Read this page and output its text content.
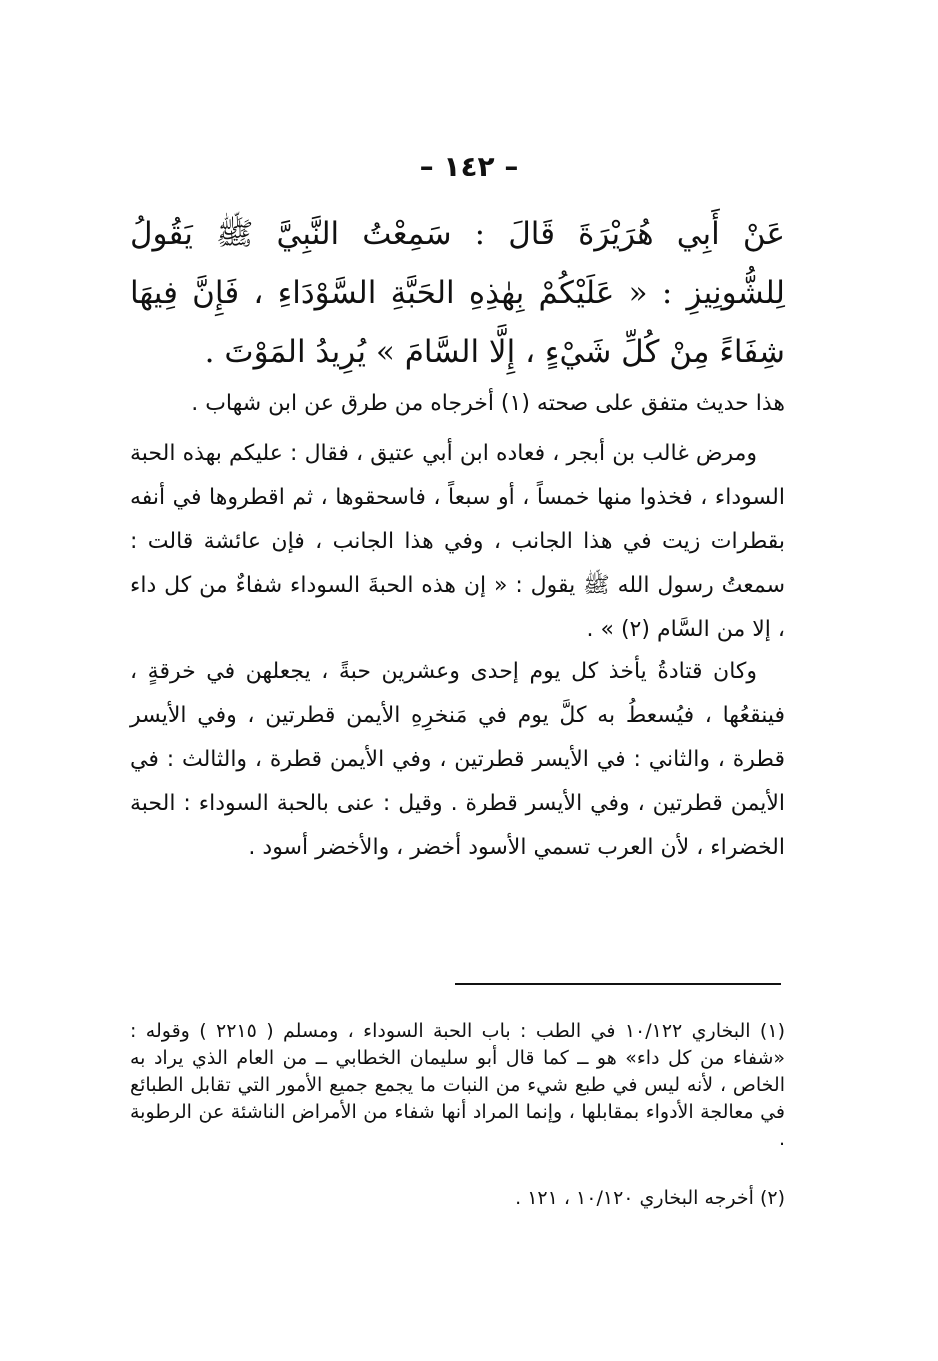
– ١٤٢ –
عَنْ أَبِي هُرَيْرَةَ قَالَ : سَمِعْتُ النَّبِيَّ ﷺ يَقُولُ لِلشُّونِيزِ : « عَلَيْكُمْ بِهٰذِهِ الحَبَّةِ السَّوْدَاءِ ، فَإِنَّ فِيهَا شِفَاءً مِنْ كُلِّ شَيْءٍ ، إِلَّا السَّامَ » يُرِيدُ المَوْتَ .
هذا حديث متفق على صحته (١) أخرجاه من طرق عن ابن شهاب .
ومرض غالب بن أبجر ، فعاده ابن أبي عتيق ، فقال : عليكم بهذه الحبة السوداء ، فخذوا منها خمساً ، أو سبعاً ، فاسحقوها ، ثم اقطروها في أنفه بقطرات زيت في هذا الجانب ، وفي هذا الجانب ، فإن عائشة قالت : سمعتُ رسول الله ﷺ يقول : « إن هذه الحبةَ السوداء شفاءٌ من كل داء ، إلا من السَّام (٢) » .
وكان قتادةُ يأخذ كل يوم إحدى وعشرين حبةً ، يجعلهن في خرقةٍ ، فينقعُها ، فيُسعطُ به كلَّ يوم في مَنخرِهِ الأيمن قطرتين ، وفي الأيسر قطرة ، والثاني : في الأيسر قطرتين ، وفي الأيمن قطرة ، والثالث : في الأيمن قطرتين ، وفي الأيسر قطرة . وقيل : عنى بالحبة السوداء : الحبة الخضراء ، لأن العرب تسمي الأسود أخضر ، والأخضر أسود .
(١) البخاري ١٠/١٢٢ في الطب : باب الحبة السوداء ، ومسلم ( ٢٢١٥ ) وقوله : «شفاء من كل داء» هو ــ كما قال أبو سليمان الخطابي ــ من العام الذي يراد به الخاص ، لأنه ليس في طبع شيء من النبات ما يجمع جميع الأمور التي تقابل الطبائع في معالجة الأدواء بمقابلها ، وإنما المراد أنها شفاء من الأمراض الناشئة عن الرطوبة .
(٢) أخرجه البخاري ١٠/١٢٠ ، ١٢١ .
